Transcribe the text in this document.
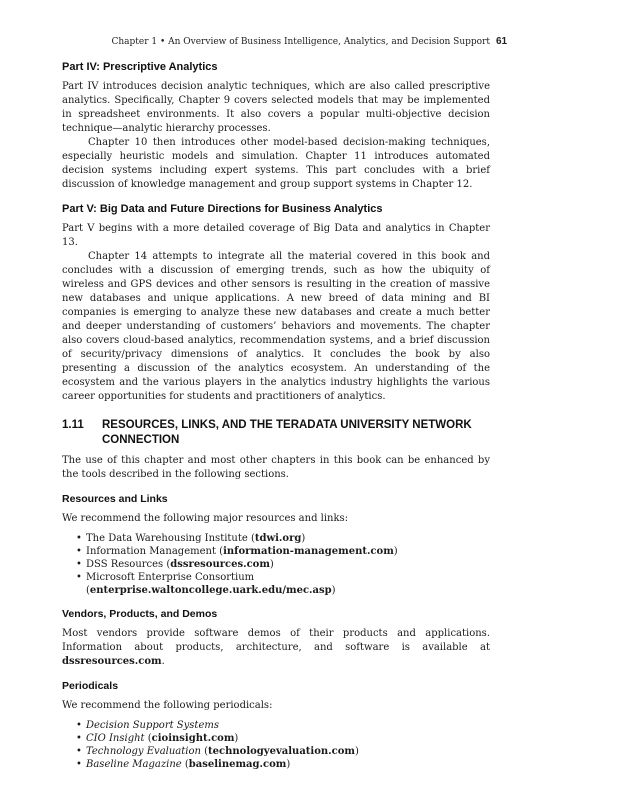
Chapter 1 • An Overview of Business Intelligence, Analytics, and Decision Support 61
Part IV: Prescriptive Analytics

Part IV introduces decision analytic techniques, which are also called prescriptive analytics. Specifically, Chapter 9 covers selected models that may be implemented in spreadsheet environments. It also covers a popular multi-objective decision technique—analytic hierarchy processes.

Chapter 10 then introduces other model-based decision-making techniques, especially heuristic models and simulation. Chapter 11 introduces automated decision systems including expert systems. This part concludes with a brief discussion of knowledge management and group support systems in Chapter 12.

Part V: Big Data and Future Directions for Business Analytics

Part V begins with a more detailed coverage of Big Data and analytics in Chapter 13.

Chapter 14 attempts to integrate all the material covered in this book and concludes with a discussion of emerging trends, such as how the ubiquity of wireless and GPS devices and other sensors is resulting in the creation of massive new databases and unique applications. A new breed of data mining and BI companies is emerging to analyze these new databases and create a much better and deeper understanding of customers’ behaviors and movements. The chapter also covers cloud-based analytics, recommendation systems, and a brief discussion of security/privacy dimensions of analytics. It concludes the book by also presenting a discussion of the analytics ecosystem. An understanding of the ecosystem and the various players in the analytics industry highlights the various career opportunities for students and practitioners of analytics.

1.11	RESOURCES, LINKS, AND THE TERADATA UNIVERSITY NETWORK CONNECTION

The use of this chapter and most other chapters in this book can be enhanced by the tools described in the following sections.

Resources and Links

We recommend the following major resources and links:

• The Data Warehousing Institute (tdwi.org)
• Information Management (information-management.com)
• DSS Resources (dssresources.com)
• Microsoft Enterprise Consortium (enterprise.waltoncollege.uark.edu/mec.asp)
Vendors, Products, and Demos

Most vendors provide software demos of their products and applications. Information about products, architecture, and software is available at dssresources.com.

Periodicals

We recommend the following periodicals:

• Decision Support Systems
• CIO Insight (cioinsight.com)
• Technology Evaluation (technologyevaluation.com)
• Baseline Magazine (baselinemag.com)
